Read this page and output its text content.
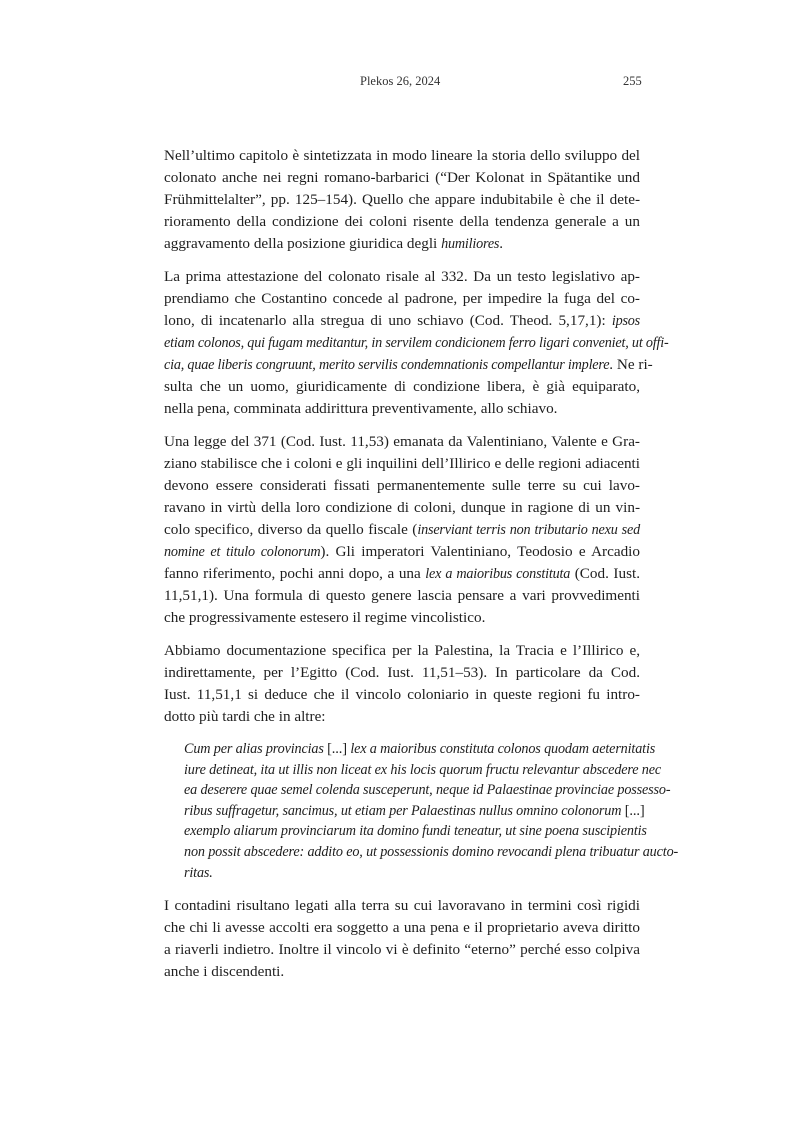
Plekos 26, 2024	255
Nell’ultimo capitolo è sintetizzata in modo lineare la storia dello sviluppo del
colonato anche nei regni romano-barbarici (“Der Kolonat in Spätantike und
Frühmittelalter”, pp. 125–154). Quello che appare indubitabile è che il dete-
rioramento della condizione dei coloni risente della tendenza generale a un
aggravamento della posizione giuridica degli humiliores.
La prima attestazione del colonato risale al 332. Da un testo legislativo ap-
prendiamo che Costantino concede al padrone, per impedire la fuga del co-
lono, di incatenarlo alla stregua di uno schiavo (Cod. Theod. 5,17,1): ipsos
etiam colonos, qui fugam meditantur, in servilem condicionem ferro ligari conveniet, ut offi-
cia, quae liberis congruunt, merito servilis condemnationis compellantur implere. Ne ri-
sulta che un uomo, giuridicamente di condizione libera, è già equiparato,
nella pena, comminata addirittura preventivamente, allo schiavo.
Una legge del 371 (Cod. Iust. 11,53) emanata da Valentiniano, Valente e Gra-
ziano stabilisce che i coloni e gli inquilini dell’Illirico e delle regioni adiacenti
devono essere considerati fissati permanentemente sulle terre su cui lavo-
ravano in virtù della loro condizione di coloni, dunque in ragione di un vin-
colo specifico, diverso da quello fiscale (inserviant terris non tributario nexu sed
nomine et titulo colonorum). Gli imperatori Valentiniano, Teodosio e Arcadio
fanno riferimento, pochi anni dopo, a una lex a maioribus constituta (Cod. Iust.
11,51,1). Una formula di questo genere lascia pensare a vari provvedimenti
che progressivamente estesero il regime vincolistico.
Abbiamo documentazione specifica per la Palestina, la Tracia e l’Illirico e,
indirettamente, per l’Egitto (Cod. Iust. 11,51–53). In particolare da Cod.
Iust. 11,51,1 si deduce che il vincolo coloniario in queste regioni fu intro-
dotto più tardi che in altre:
Cum per alias provincias [...] lex a maioribus constituta colonos quodam aeternitatis
iure detineat, ita ut illis non liceat ex his locis quorum fructu relevantur abscedere nec
ea deserere quae semel colenda susceperunt, neque id Palaestinae provinciae possesso-
ribus suffragetur, sancimus, ut etiam per Palaestinas nullus omnino colonorum [...]
exemplo aliarum provinciarum ita domino fundi teneatur, ut sine poena suscipientis
non possit abscedere: addito eo, ut possessionis domino revocandi plena tribuatur aucto-
ritas.
I contadini risultano legati alla terra su cui lavoravano in termini così rigidi
che chi li avesse accolti era soggetto a una pena e il proprietario aveva diritto
a riaverli indietro. Inoltre il vincolo vi è definito “eterno” perché esso colpiva
anche i discendenti.
